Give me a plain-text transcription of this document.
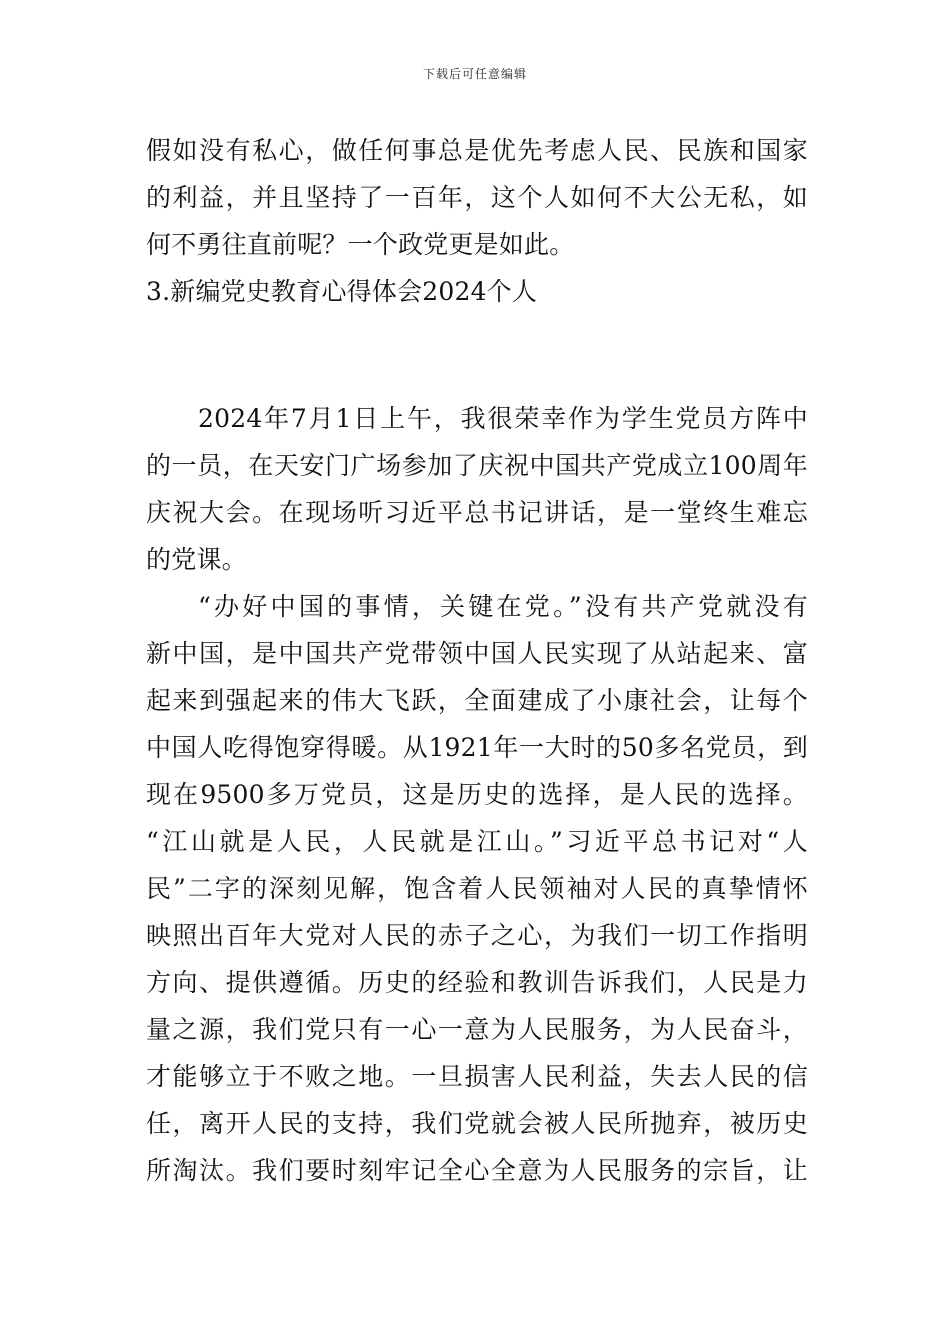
下载后可任意编辑
假如没有私心，做任何事总是优先考虑人民、民族和国家
的利益，并且坚持了一百年，这个人如何不大公无私，如
何不勇往直前呢？一个政党更是如此。
3.新编党史教育心得体会2024个人
2024年7月1日上午，我很荣幸作为学生党员方阵中
的一员，在天安门广场参加了庆祝中国共产党成立100周年
庆祝大会。在现场听习近平总书记讲话，是一堂终生难忘
的党课。
“办好中国的事情，关键在党。”没有共产党就没有
新中国，是中国共产党带领中国人民实现了从站起来、富
起来到强起来的伟大飞跃，全面建成了小康社会，让每个
中国人吃得饱穿得暖。从1921年一大时的50多名党员，到
现在9500多万党员，这是历史的选择，是人民的选择。
“江山就是人民，人民就是江山。”习近平总书记对“人
民”二字的深刻见解，饱含着人民领袖对人民的真挚情怀
映照出百年大党对人民的赤子之心，为我们一切工作指明
方向、提供遵循。历史的经验和教训告诉我们，人民是力
量之源，我们党只有一心一意为人民服务，为人民奋斗，
才能够立于不败之地。一旦损害人民利益，失去人民的信
任，离开人民的支持，我们党就会被人民所抛弃，被历史
所淘汰。我们要时刻牢记全心全意为人民服务的宗旨，让
